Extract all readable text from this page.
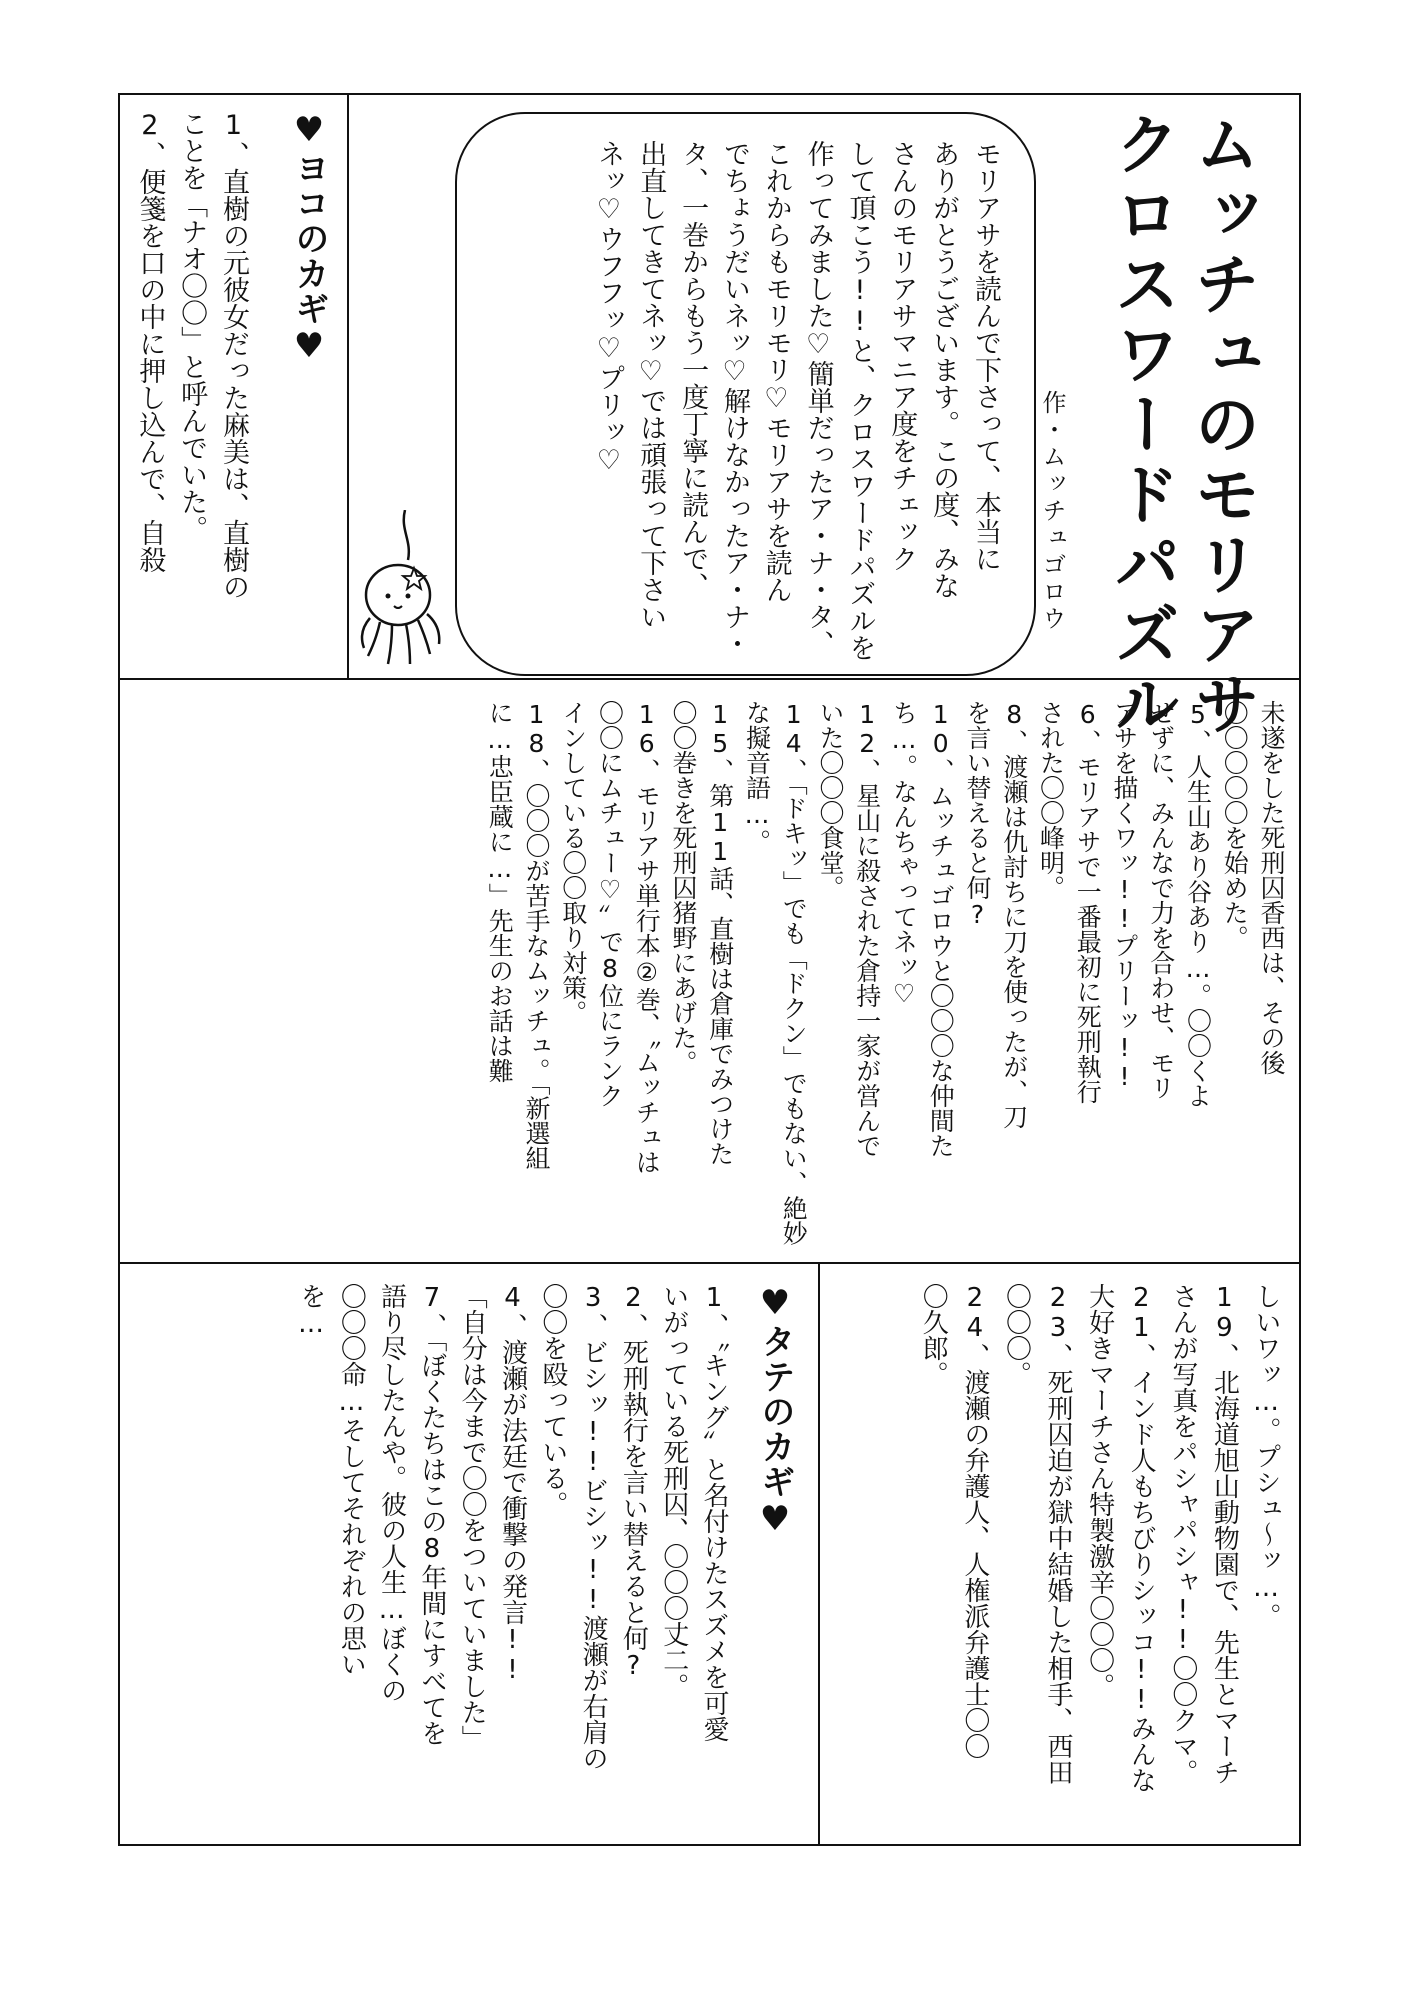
ムッチュのモリアサ
クロスワードパズル
作・ムッチュゴロウ
モリアサを読んで下さって、本当に
ありがとうございます。この度、みな
さんのモリアサマニア度をチェック
して頂こう!!と、クロスワードパズルを
作ってみました♡簡単だったア・ナ・タ、
これからもモリモリ♡モリアサを読ん
でちょうだいネッ♡解けなかったア・ナ・
タ、一巻からもう一度丁寧に読んで、
出直してきてネッ♡では頑張って下さい
ネッ♡ウフフッ♡プリッ♡
♥ヨコのカギ♥
1、直樹の元彼女だった麻美は、直樹の
ことを「ナオ〇〇」と呼んでいた。
2、便箋を口の中に押し込んで、自殺
未遂をした死刑囚香西は、その後
〇〇〇〇〇を始めた。
5、人生山あり谷あり…。〇〇くよ
せずに、みんなで力を合わせ、モリ
アサを描くワッ!!プリーッ!!
6、モリアサで一番最初に死刑執行
された〇〇峰明。
8、渡瀬は仇討ちに刀を使ったが、刀
を言い替えると何?
10、ムッチュゴロウと〇〇〇な仲間た
ち…。なんちゃってネッ♡
12、星山に殺された倉持一家が営んで
いた〇〇〇食堂。
14、「ドキッ」でも「ドクン」でもない、絶妙
な擬音語…。
15、第11話、直樹は倉庫でみつけた
〇〇巻きを死刑囚猪野にあげた。
16、モリアサ単行本②巻、〝ムッチュは
〇〇にムチュー♡〟で8位にランク
インしている〇〇取り対策。
18、〇〇〇が苦手なムッチュ。「新選組
に…忠臣蔵に…」先生のお話は難
しいワッ…。プシュ〜ッ…。
19、北海道旭山動物園で、先生とマーチ
さんが写真をパシャパシャ!!〇〇クマ。
21、インド人もちびりシッコ!!みんな
大好きマーチさん特製激辛〇〇〇。
23、死刑囚迫が獄中結婚した相手、西田
〇〇〇。
24、渡瀬の弁護人、人権派弁護士〇〇
〇久郎。
♥タテのカギ♥
1、〝キング〟と名付けたスズメを可愛
いがっている死刑囚、〇〇〇丈二。
2、死刑執行を言い替えると何?
3、ビシッ!!ビシッ!!渡瀬が右肩の
〇〇を殴っている。
4、渡瀬が法廷で衝撃の発言!!
「自分は今まで〇〇をついていました」
7、「ぼくたちはこの8年間にすべてを
語り尽したんや。彼の人生…ぼくの
〇〇〇命…そしてそれぞれの思い
を…
